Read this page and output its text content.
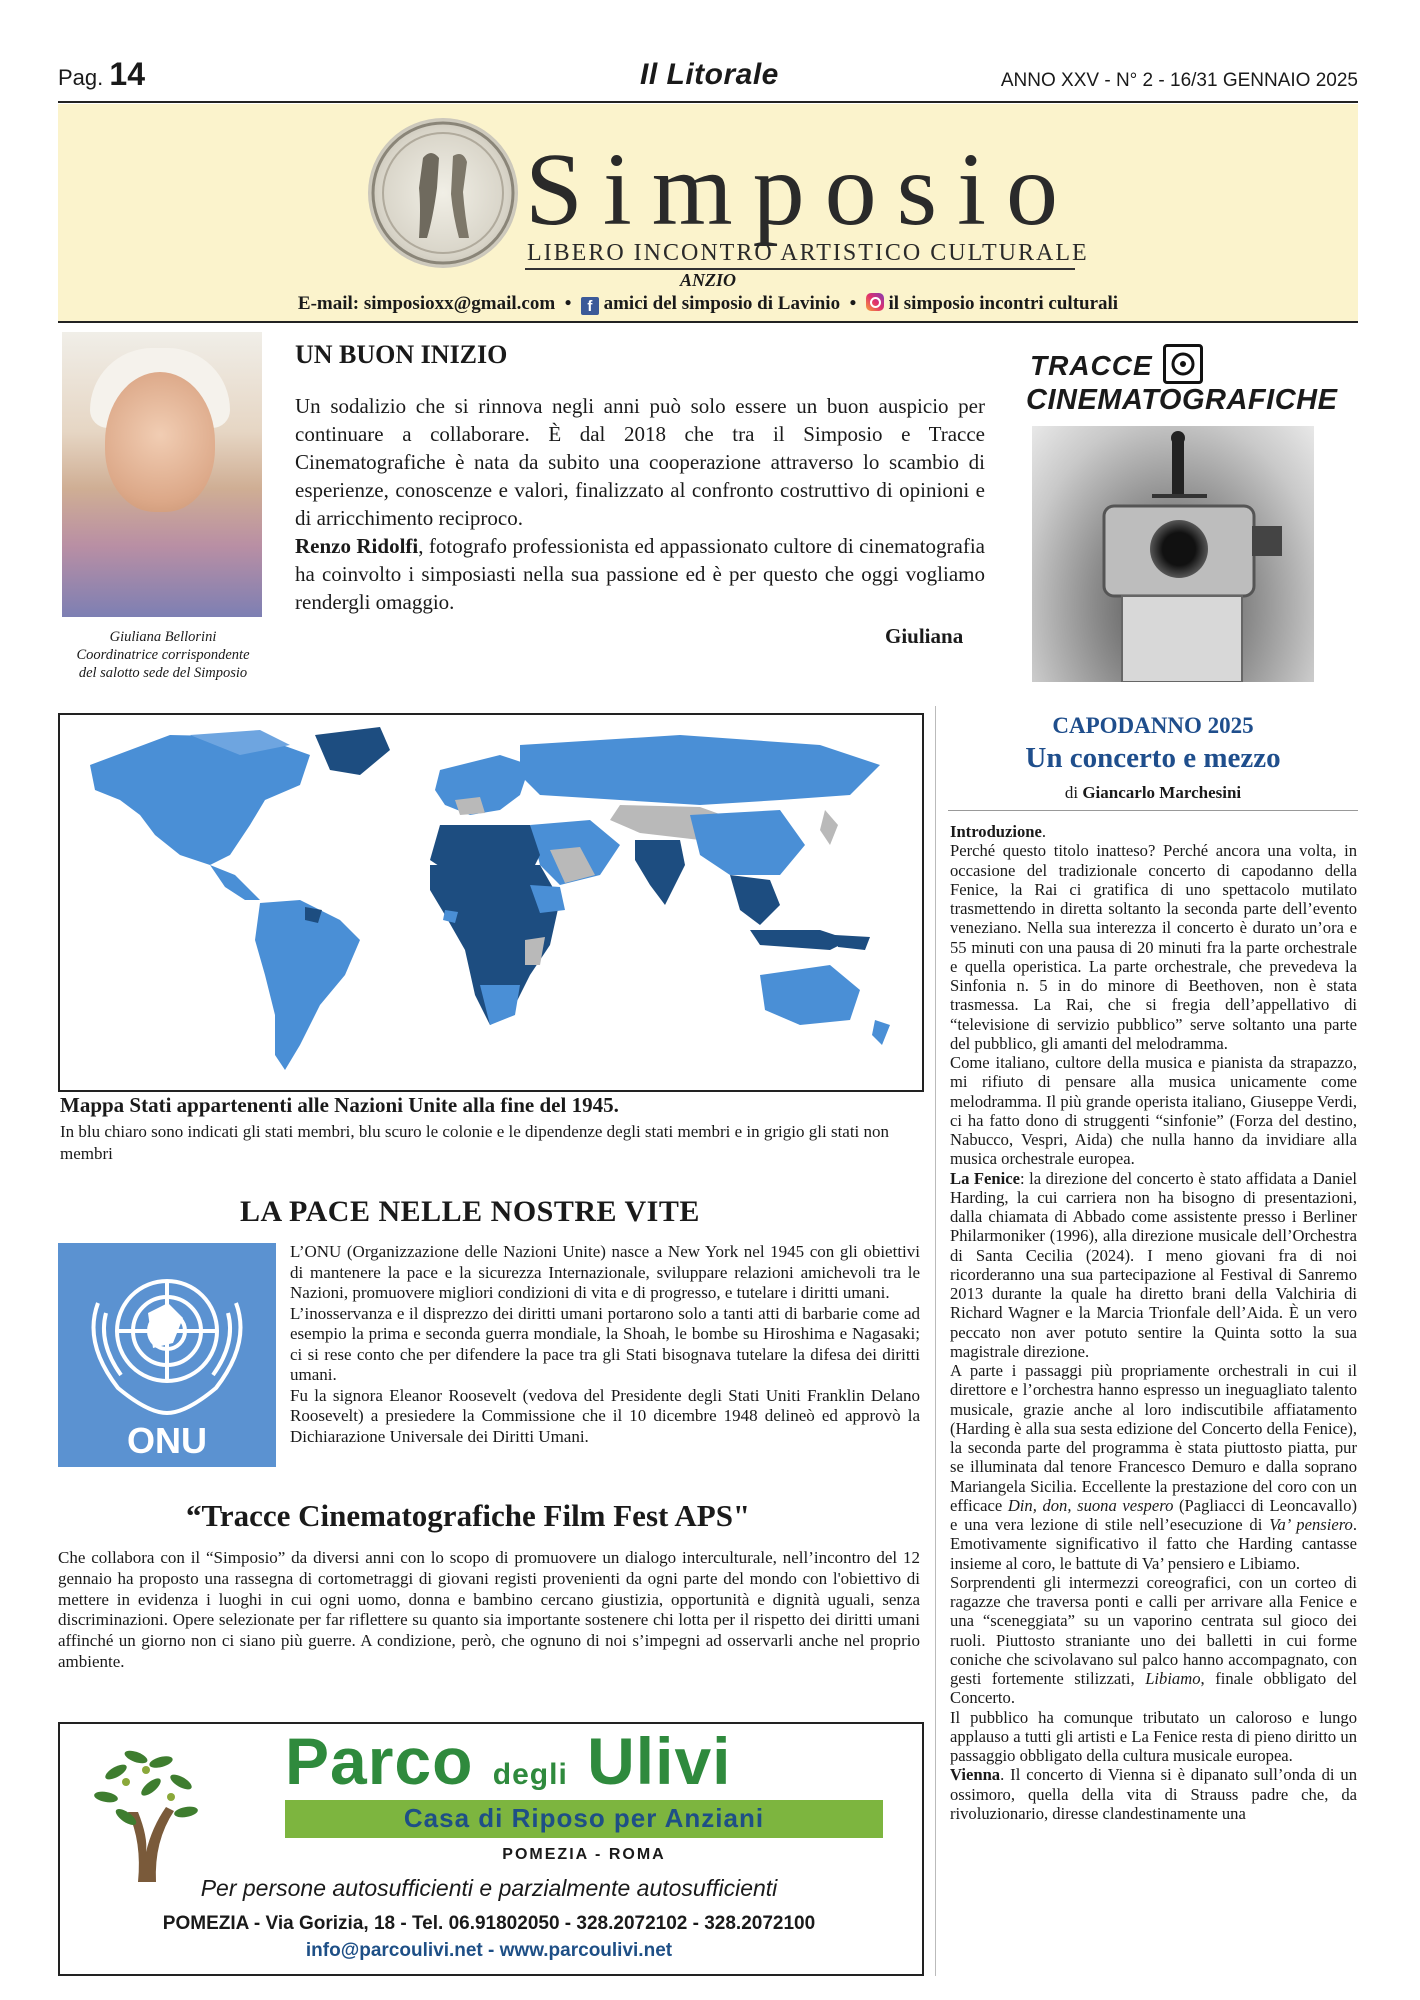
Pag. 14	Il Litorale	ANNO XXV - N° 2 - 16/31 GENNAIO 2025
Simposio
LIBERO INCONTRO ARTISTICO CULTURALE
ANZIO
E-mail: simposioxx@gmail.com • f amici del simposio di Lavinio • il simposio incontri culturali
Giuliana Bellorini
Coordinatrice corrispondente
del salotto sede del Simposio
UN BUON INIZIO
Un sodalizio che si rinnova negli anni può solo essere un buon auspicio per continuare a collaborare. È dal 2018 che tra il Simposio e Tracce Cinematografiche è nata da subito una cooperazione attraverso lo scambio di esperienze, conoscenze e valori, finalizzato al confronto costruttivo di opinioni e di arricchimento reciproco.
Renzo Ridolfi, fotografo professionista ed appassionato cultore di cinematografia ha coinvolto i simposiasti nella sua passione ed è per questo che oggi vogliamo rendergli omaggio.
Giuliana
TRACCE
CINEMATOGRAFICHE
Mappa Stati appartenenti alle Nazioni Unite alla fine del 1945.
In blu chiaro sono indicati gli stati membri, blu scuro le colonie e le dipendenze degli stati membri e in grigio gli stati non membri
LA PACE NELLE NOSTRE VITE
ONU
L’ONU (Organizzazione delle Nazioni Unite) nasce a New York nel 1945 con gli obiettivi di mantenere la pace e la sicurezza Internazionale, sviluppare relazioni amichevoli tra le Nazioni, promuovere migliori condizioni di vita e di progresso, e tutelare i diritti umani.
L’inosservanza e il disprezzo dei diritti umani portarono solo a tanti atti di barbarie come ad esempio la prima e seconda guerra mondiale, la Shoah, le bombe su Hiroshima e Nagasaki; ci si rese conto che per difendere la pace tra gli Stati bisognava tutelare la difesa dei diritti umani.
Fu la signora Eleanor Roosevelt (vedova del Presidente degli Stati Uniti Franklin Delano Roosevelt) a presiedere la Commissione che il 10 dicembre 1948 delineò ed approvò la Dichiarazione Universale dei Diritti Umani.
“Tracce Cinematografiche Film Fest APS"
Che collabora con il “Simposio” da diversi anni con lo scopo di promuovere un dialogo interculturale, nell’incontro del 12 gennaio ha proposto una rassegna di cortometraggi di giovani registi provenienti da ogni parte del mondo con l'obiettivo di mettere in evidenza i luoghi in cui ogni uomo, donna e bambino cercano giustizia, opportunità e dignità uguali, senza discriminazioni. Opere selezionate per far riflettere su quanto sia importante sostenere chi lotta per il rispetto dei diritti umani affinché un giorno non ci siano più guerre. A condizione, però, che ognuno di noi s’impegni ad osservarli anche nel proprio ambiente.
Parco degli Ulivi
Casa di Riposo per Anziani
POMEZIA - ROMA
Per persone autosufficienti e parzialmente autosufficienti
POMEZIA - Via Gorizia, 18 - Tel. 06.91802050 - 328.2072102 - 328.2072100
info@parcoulivi.net - www.parcoulivi.net
CAPODANNO 2025
Un concerto e mezzo
di Giancarlo Marchesini

Introduzione.

Perché questo titolo inatteso? Perché ancora una volta, in occasione del tradizionale concerto di capodanno della Fenice, la Rai ci gratifica di uno spettacolo mutilato trasmettendo in diretta soltanto la seconda parte dell’evento veneziano. Nella sua interezza il concerto è durato un’ora e 55 minuti con una pausa di 20 minuti fra la parte orchestrale e quella operistica. La parte orchestrale, che prevedeva la Sinfonia n. 5 in do minore di Beethoven, non è stata trasmessa. La Rai, che si fregia dell’appellativo di “televisione di servizio pubblico” serve soltanto una parte del pubblico, gli amanti del melodramma.

Come italiano, cultore della musica e pianista da strapazzo, mi rifiuto di pensare alla musica unicamente come melodramma. Il più grande operista italiano, Giuseppe Verdi, ci ha fatto dono di struggenti “sinfonie” (Forza del destino, Nabucco, Vespri, Aida) che nulla hanno da invidiare alla musica orchestrale europea.

La Fenice: la direzione del concerto è stato affidata a Daniel Harding, la cui carriera non ha bisogno di presentazioni, dalla chiamata di Abbado come assistente presso i Berliner Philarmoniker (1996), alla direzione musicale dell’Orchestra di Santa Cecilia (2024). I meno giovani fra di noi ricorderanno una sua partecipazione al Festival di Sanremo 2013 durante la quale ha diretto brani della Valchiria di Richard Wagner e la Marcia Trionfale dell’Aida. È un vero peccato non aver potuto sentire la Quinta sotto la sua magistrale direzione.

A parte i passaggi più propriamente orchestrali in cui il direttore e l’orchestra hanno espresso un ineguagliato talento musicale, grazie anche al loro indiscutibile affiatamento (Harding è alla sua sesta edizione del Concerto della Fenice), la seconda parte del programma è stata piuttosto piatta, pur se illuminata dal tenore Francesco Demuro e dalla soprano Mariangela Sicilia. Eccellente la prestazione del coro con un efficace Din, don, suona vespero (Pagliacci di Leoncavallo) e una vera lezione di stile nell’esecuzione di Va’ pensiero. Emotivamente significativo il fatto che Harding cantasse insieme al coro, le battute di Va’ pensiero e Libiamo.

Sorprendenti gli intermezzi coreografici, con un corteo di ragazze che traversa ponti e calli per arrivare alla Fenice e una “sceneggiata” su un vaporino centrata sul gioco dei ruoli. Piuttosto straniante uno dei balletti in cui forme coniche che scivolavano sul palco hanno accompagnato, con gesti fortemente stilizzati, Libiamo, finale obbligato del Concerto.

Il pubblico ha comunque tributato un caloroso e lungo applauso a tutti gli artisti e La Fenice resta di pieno diritto un passaggio obbligato della cultura musicale europea.

Vienna. Il concerto di Vienna si è dipanato sull’onda di un ossimoro, quella della vita di Strauss padre che, da rivoluzionario, diresse clandestinamente una
